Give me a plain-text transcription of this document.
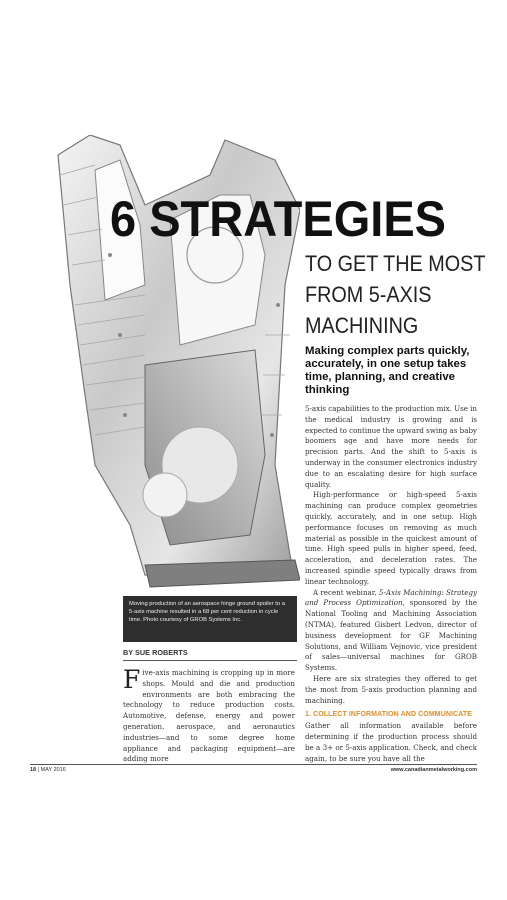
6 STRATEGIES
TO GET THE MOST
FROM 5-AXIS
MACHINING
Making complex parts quickly, accurately, in one setup takes time, planning, and creative thinking
Moving production of an aerospace hinge ground spoiler to a 5-axis machine resulted in a 68 per cent reduction in cycle time. Photo courtesy of GROB Systems Inc.
BY SUE ROBERTS

Five-axis machining is cropping up in more shops. Mould and die and production environments are both embracing the technology to reduce production costs. Automotive, defense, energy and power generation, aerospace, and aeronautics industries—and to some degree home appliance and packaging equipment—are adding more

5-axis capabilities to the production mix. Use in the medical industry is growing and is expected to continue the upward swing as baby boomers age and have more needs for precision parts. And the shift to 5-axis is underway in the consumer electronics industry due to an escalating desire for high surface quality.

High-performance or high-speed 5-axis machining can produce complex geometries quickly, accurately, and in one setup. High performance focuses on removing as much material as possible in the quickest amount of time. High speed pulls in higher speed, feed, acceleration, and deceleration rates. The increased spindle speed typically draws from linear technology.

A recent webinar, 5-Axis Machining: Strategy and Process Optimization, sponsored by the National Tooling and Machining Association (NTMA), featured Gisbert Ledvon, director of business development for GF Machining Solutions, and William Vejnovic, vice president of sales—universal machines for GROB Systems.

Here are six strategies they offered to get the most from 5-axis production planning and machining.

1. COLLECT INFORMATION AND COMMUNICATE

Gather all information available before determining if the production process should be a 3+ or 5-axis application. Check, and check again, to be sure you have all the

18 | MAY 2016	www.canadianmetalworking.com
